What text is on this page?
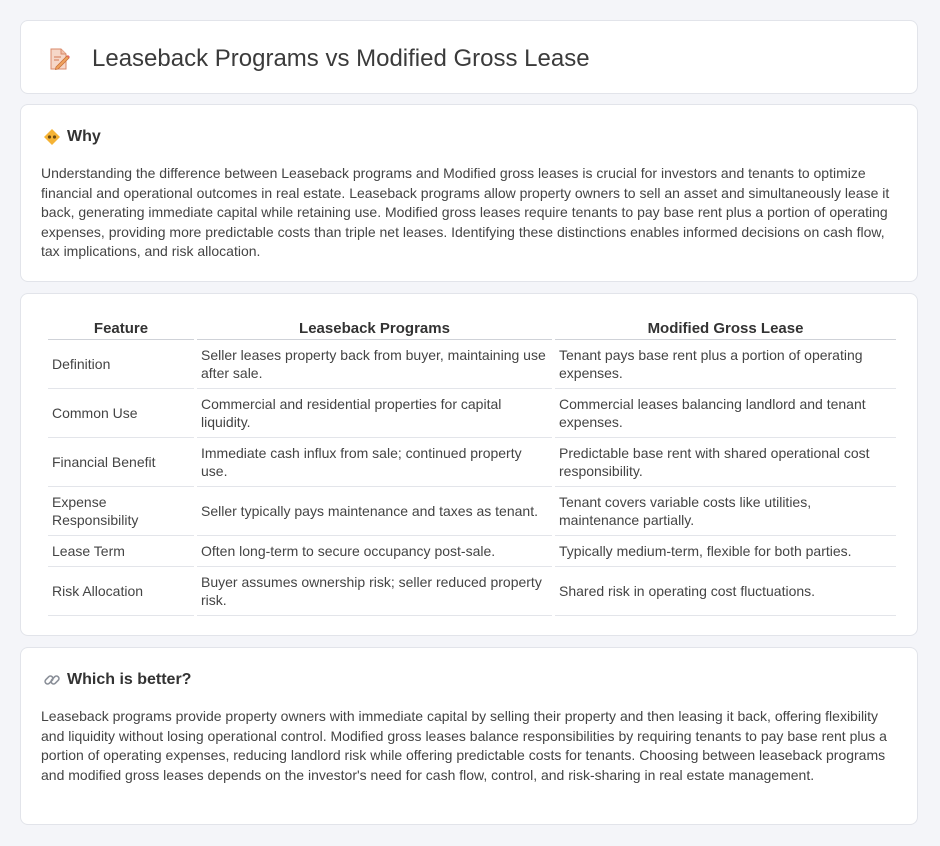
Leaseback Programs vs Modified Gross Lease
Why

Understanding the difference between Leaseback programs and Modified gross leases is crucial for investors and tenants to optimize financial and operational outcomes in real estate. Leaseback programs allow property owners to sell an asset and simultaneously lease it back, generating immediate capital while retaining use. Modified gross leases require tenants to pay base rent plus a portion of operating expenses, providing more predictable costs than triple net leases. Identifying these distinctions enables informed decisions on cash flow, tax implications, and risk allocation.

Feature	Leaseback Programs	Modified Gross Lease
Definition	Seller leases property back from buyer, maintaining use after sale.	Tenant pays base rent plus a portion of operating expenses.
Common Use	Commercial and residential properties for capital liquidity.	Commercial leases balancing landlord and tenant expenses.
Financial Benefit	Immediate cash influx from sale; continued property use.	Predictable base rent with shared operational cost responsibility.
Expense Responsibility	Seller typically pays maintenance and taxes as tenant.	Tenant covers variable costs like utilities, maintenance partially.
Lease Term	Often long-term to secure occupancy post-sale.	Typically medium-term, flexible for both parties.
Risk Allocation	Buyer assumes ownership risk; seller reduced property risk.	Shared risk in operating cost fluctuations.
Which is better?

Leaseback programs provide property owners with immediate capital by selling their property and then leasing it back, offering flexibility and liquidity without losing operational control. Modified gross leases balance responsibilities by requiring tenants to pay base rent plus a portion of operating expenses, reducing landlord risk while offering predictable costs for tenants. Choosing between leaseback programs and modified gross leases depends on the investor's need for cash flow, control, and risk-sharing in real estate management.
